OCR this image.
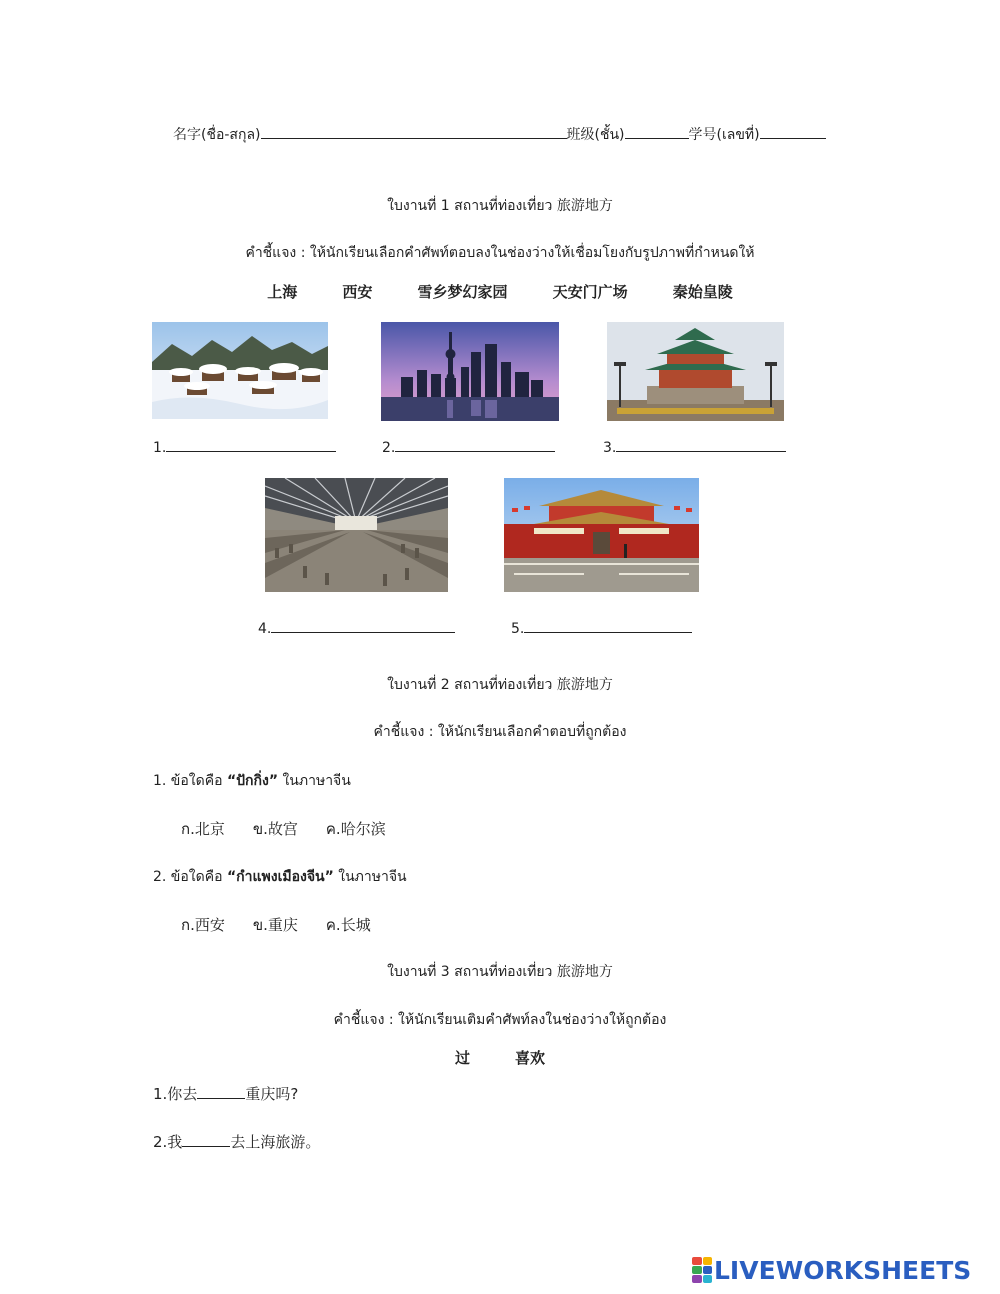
名字(ชื่อ-สกุล)	班级(ชั้น)	学号(เลขที่)
ใบงานที่ 1 สถานที่ท่องเที่ยว 旅游地方
คำชี้แจง : ให้นักเรียนเลือกคำศัพท์ตอบลงในช่องว่างให้เชื่อมโยงกับรูปภาพที่กำหนดให้
上海	西安	雪乡梦幻家园	天安门广场	秦始皇陵
1.	2.	3.
4.	5.
ใบงานที่ 2 สถานที่ท่องเที่ยว 旅游地方
คำชี้แจง : ให้นักเรียนเลือกคำตอบที่ถูกต้อง
1. ข้อใดคือ “ปักกิ่ง” ในภาษาจีน
ก.北京 ข.故宫 ค.哈尔滨
2. ข้อใดคือ “กำแพงเมืองจีน” ในภาษาจีน
ก.西安 ข.重庆 ค.长城
ใบงานที่ 3 สถานที่ท่องเที่ยว 旅游地方
คำชี้แจง : ให้นักเรียนเติมคำศัพท์ลงในช่องว่างให้ถูกต้อง
过	喜欢
1.你去	重庆吗?
2.我	去上海旅游。
LIVEWORKSHEETS
